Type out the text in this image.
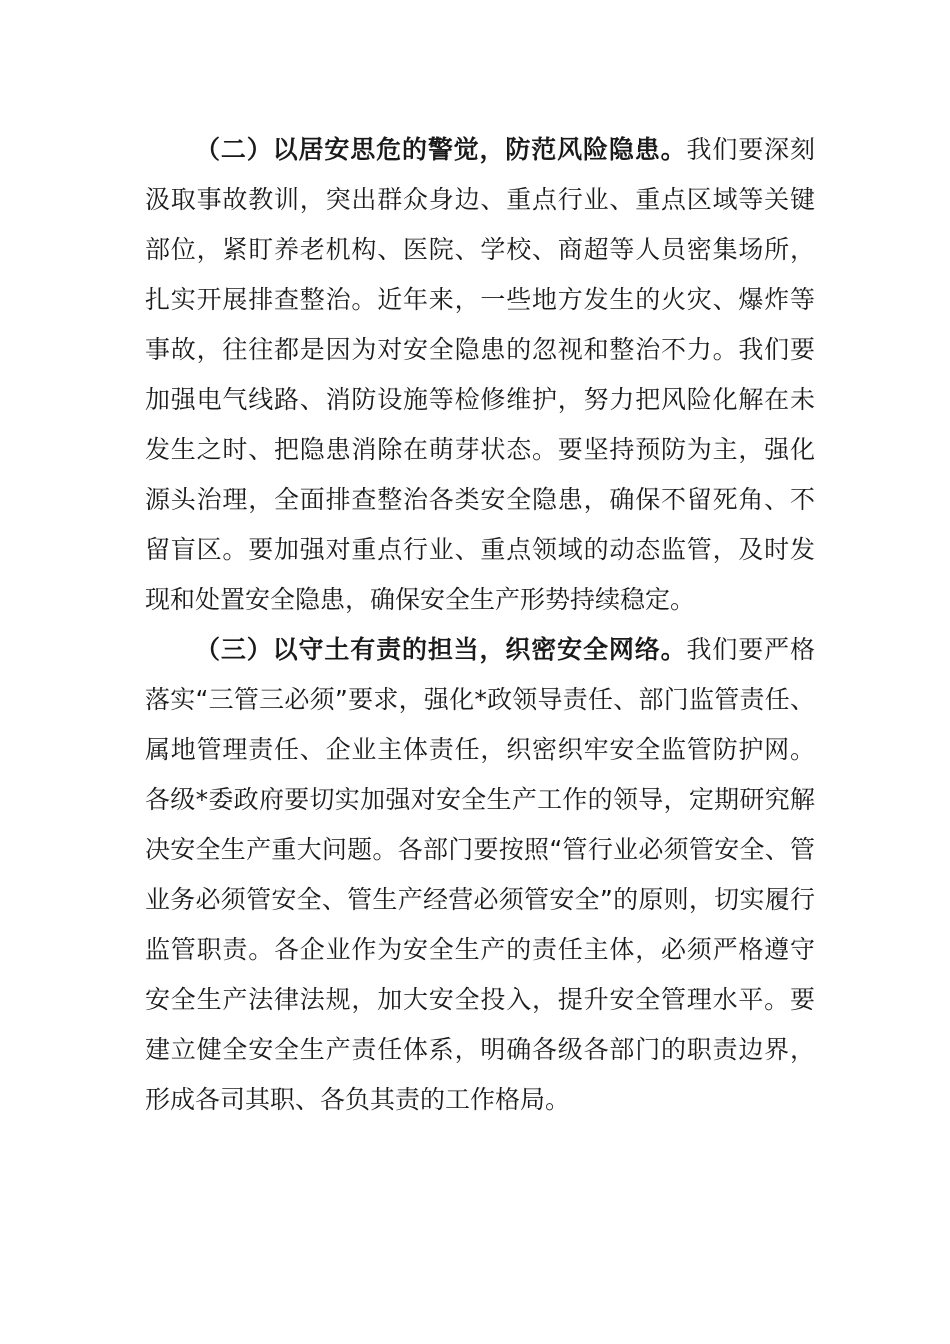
（二）以居安思危的警觉，防范风险隐患。我们要深刻汲取事故教训，突出群众身边、重点行业、重点区域等关键部位，紧盯养老机构、医院、学校、商超等人员密集场所，扎实开展排查整治。近年来，一些地方发生的火灾、爆炸等事故，往往都是因为对安全隐患的忽视和整治不力。我们要加强电气线路、消防设施等检修维护，努力把风险化解在未发生之时、把隐患消除在萌芽状态。要坚持预防为主，强化源头治理，全面排查整治各类安全隐患，确保不留死角、不留盲区。要加强对重点行业、重点领域的动态监管，及时发现和处置安全隐患，确保安全生产形势持续稳定。

（三）以守土有责的担当，织密安全网络。我们要严格落实“三管三必须”要求，强化*政领导责任、部门监管责任、属地管理责任、企业主体责任，织密织牢安全监管防护网。各级*委政府要切实加强对安全生产工作的领导，定期研究解决安全生产重大问题。各部门要按照“管行业必须管安全、管业务必须管安全、管生产经营必须管安全”的原则，切实履行监管职责。各企业作为安全生产的责任主体，必须严格遵守安全生产法律法规，加大安全投入，提升安全管理水平。要建立健全安全生产责任体系，明确各级各部门的职责边界，形成各司其职、各负其责的工作格局。
